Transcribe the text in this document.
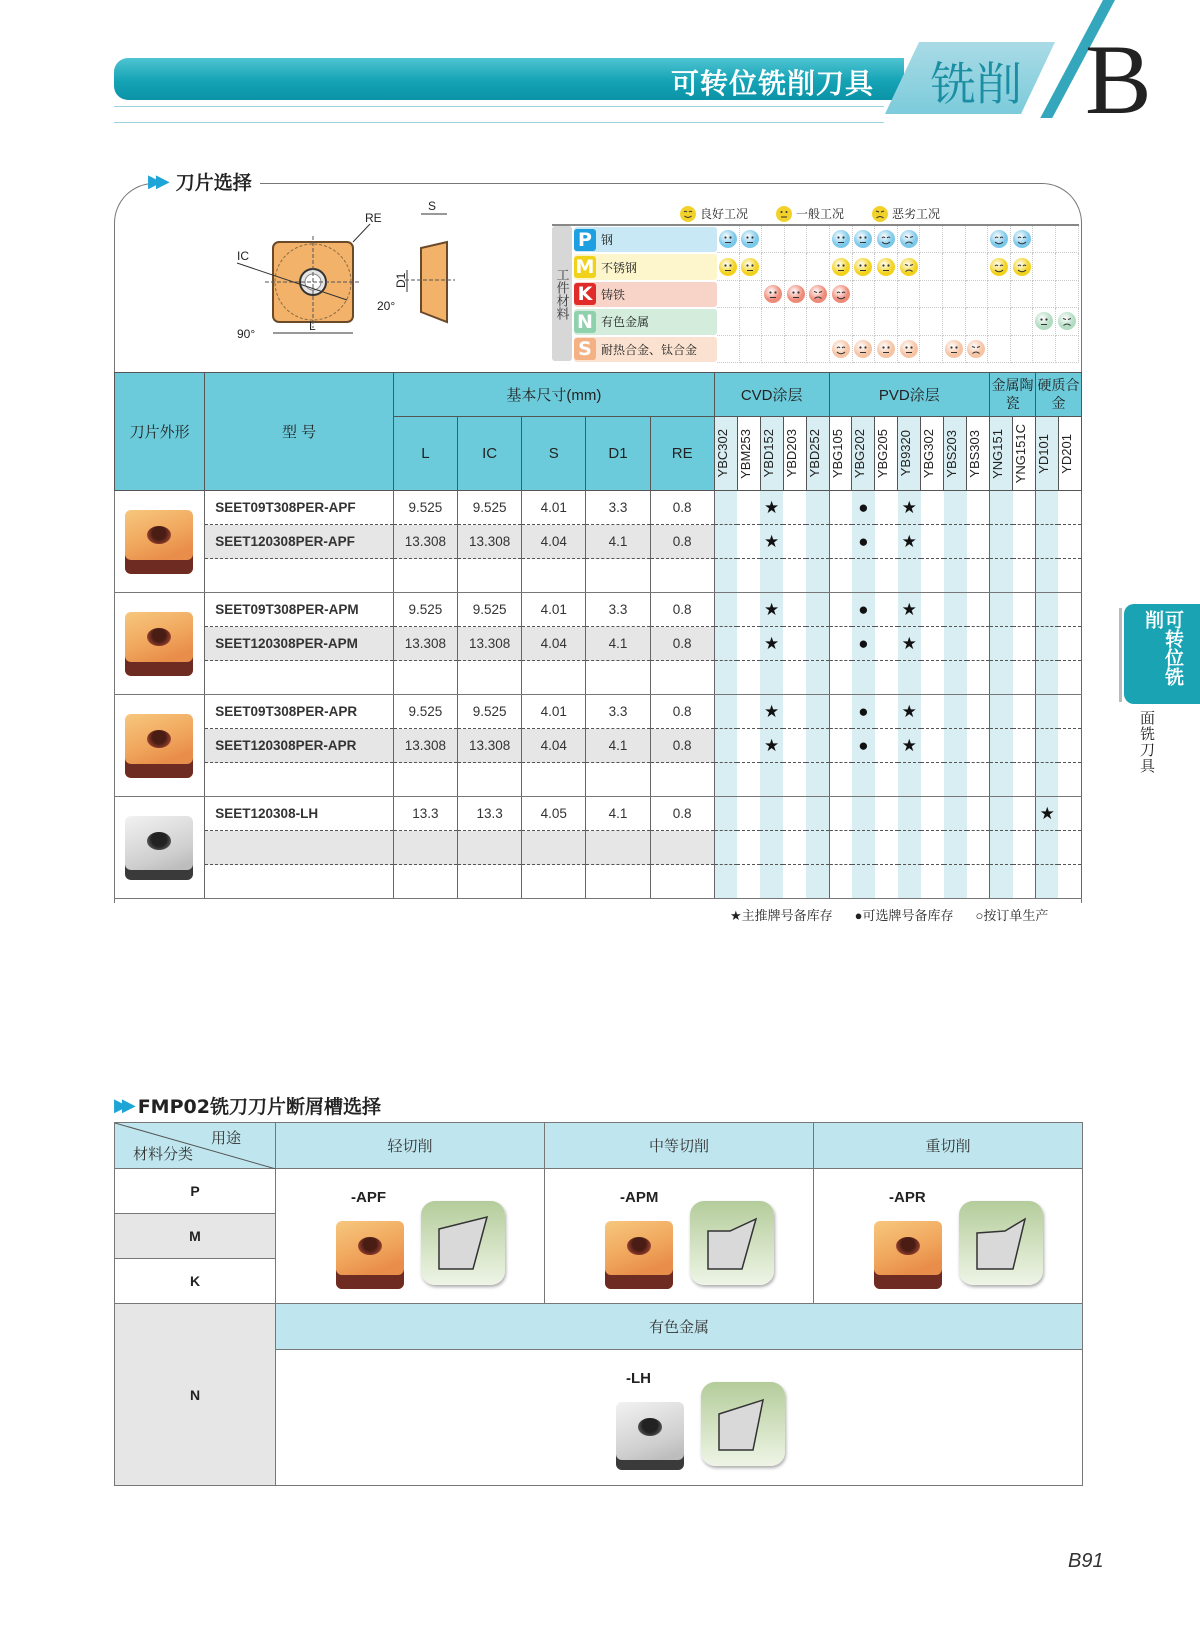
可转位铣削刀具 铣削 B
▶▶ 刀片选择
IC
RE
L
90°
S
D1
20°
良好工况	一般工况	恶劣工况
工件材料
P 钢
M 不锈钢
K 铸铁
N 有色金属
S 耐热合金、钛合金
刀片外形	型 号	基本尺寸(mm)					CVD涂层					PVD涂层							金属陶瓷		硬质合金	
		L	IC	S	D1	RE	YBC302	YBM253	YBD152	YBD203	YBD252	YBG105	YBG202	YBG205	YB9320	YBG302	YBS203	YBS303	YNG151	YNG151C	YD101	YD201

	SEET09T308PER-APF	9.525	9.525	4.01	3.3	0.8			★				●		★							
	SEET120308PER-APF	13.308	13.308	4.04	4.1	0.8			★				●		★							

	SEET09T308PER-APM	9.525	9.525	4.01	3.3	0.8			★				●		★							
	SEET120308PER-APM	13.308	13.308	4.04	4.1	0.8			★				●		★							

	SEET09T308PER-APR	9.525	9.525	4.01	3.3	0.8			★				●		★							
	SEET120308PER-APR	13.308	13.308	4.04	4.1	0.8			★				●		★							

	SEET120308-LH	13.3	13.3	4.05	4.1	0.8															★	

★主推牌号备库存 ●可选牌号备库存 ○按订单生产
可转位铣削
面铣刀具
▶▶ FMP02铣刀刀片断屑槽选择
用途
材料分类	轻切削	中等切削	重切削
P	-APF	-APM	-APR

M			
K			
N	有色金属		

	-LH		
B91
